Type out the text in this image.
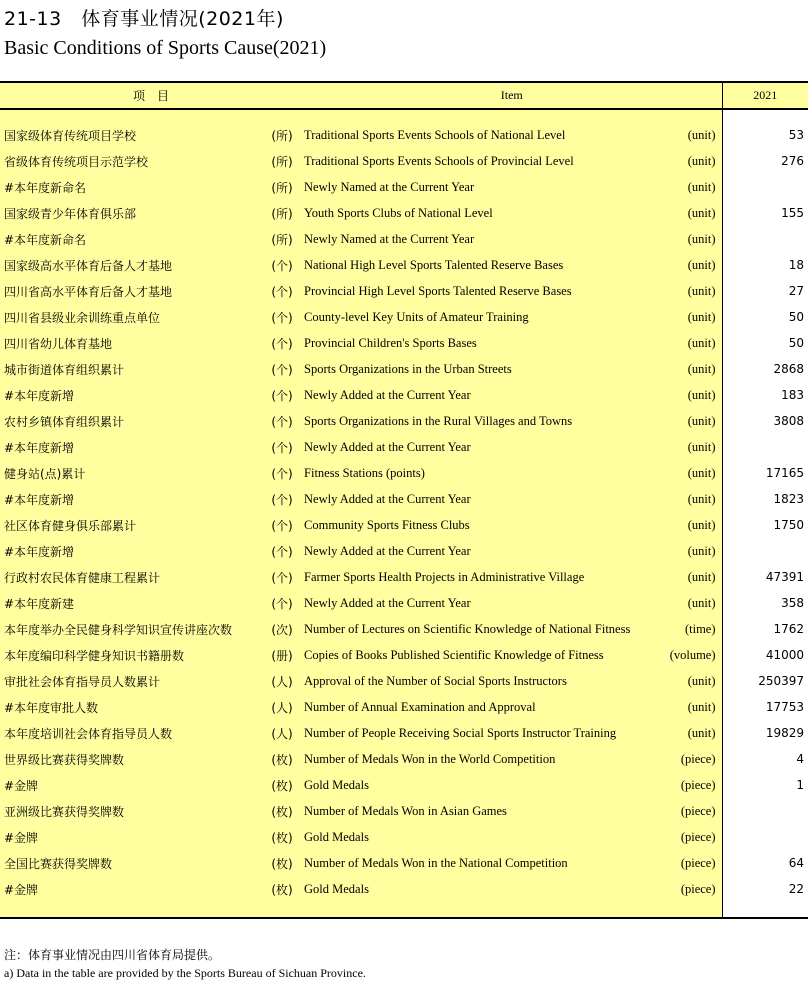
21-13　体育事业情况(2021年)
Basic Conditions of Sports Cause(2021)
项　目		Item		2021

国家级体育传统项目学校	(所)	Traditional Sports Events Schools of National Level	(unit)	53
省级体育传统项目示范学校	(所)	Traditional Sports Events Schools of Provincial Level	(unit)	276
#本年度新命名	(所)	Newly Named at the Current Year	(unit)	
国家级青少年体育俱乐部	(所)	Youth Sports Clubs of National Level	(unit)	155
#本年度新命名	(所)	Newly Named at the Current Year	(unit)	
国家级高水平体育后备人才基地	(个)	National High Level Sports Talented Reserve Bases	(unit)	18
四川省高水平体育后备人才基地	(个)	Provincial High Level Sports Talented Reserve Bases	(unit)	27
四川省县级业余训练重点单位	(个)	County-level Key Units of Amateur Training	(unit)	50
四川省幼儿体育基地	(个)	Provincial Children's Sports Bases	(unit)	50
城市街道体育组织累计	(个)	Sports Organizations in the Urban Streets	(unit)	2868
#本年度新增	(个)	Newly Added at the Current Year	(unit)	183
农村乡镇体育组织累计	(个)	Sports Organizations in the Rural Villages and Towns	(unit)	3808
#本年度新增	(个)	Newly Added at the Current Year	(unit)	
健身站(点)累计	(个)	Fitness Stations (points)	(unit)	17165
#本年度新增	(个)	Newly Added at the Current Year	(unit)	1823
社区体育健身俱乐部累计	(个)	Community Sports Fitness Clubs	(unit)	1750
#本年度新增	(个)	Newly Added at the Current Year	(unit)	
行政村农民体育健康工程累计	(个)	Farmer Sports Health Projects in Administrative Village	(unit)	47391
#本年度新建	(个)	Newly Added at the Current Year	(unit)	358
本年度举办全民健身科学知识宣传讲座次数	(次)	Number of Lectures on Scientific Knowledge of National Fitness	(time)	1762
本年度编印科学健身知识书籍册数	(册)	Copies of Books Published Scientific Knowledge of Fitness	(volume)	41000
审批社会体育指导员人数累计	(人)	Approval of the Number of Social Sports Instructors	(unit)	250397
#本年度审批人数	(人)	Number of Annual Examination and Approval	(unit)	17753
本年度培训社会体育指导员人数	(人)	Number of People Receiving Social Sports Instructor Training	(unit)	19829
世界级比赛获得奖牌数	(枚)	Number of Medals Won in the World Competition	(piece)	4
#金牌	(枚)	Gold Medals	(piece)	1
亚洲级比赛获得奖牌数	(枚)	Number of Medals Won in Asian Games	(piece)	
#金牌	(枚)	Gold Medals	(piece)	
全国比赛获得奖牌数	(枚)	Number of Medals Won in the National Competition	(piece)	64
#金牌	(枚)	Gold Medals	(piece)	22

注：体育事业情况由四川省体育局提供。
a) Data in the table are provided by the Sports Bureau of Sichuan Province.
